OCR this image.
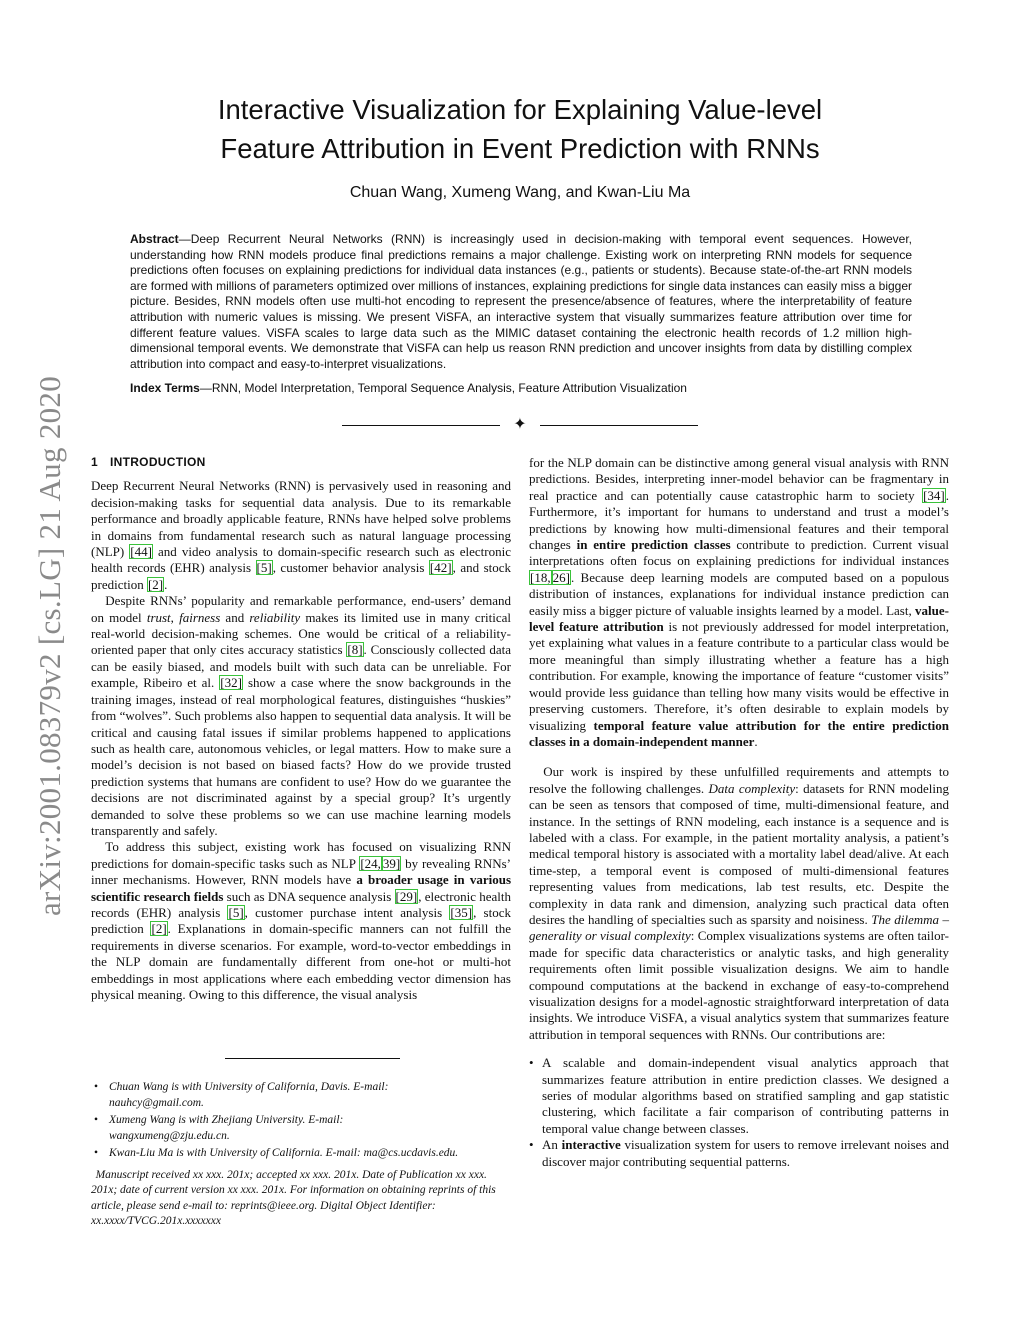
arXiv:2001.08379v2 [cs.LG] 21 Aug 2020
Interactive Visualization for Explaining Value-level
Feature Attribution in Event Prediction with RNNs
Chuan Wang, Xumeng Wang, and Kwan-Liu Ma

Abstract—Deep Recurrent Neural Networks (RNN) is increasingly used in decision-making with temporal event sequences. However, understanding how RNN models produce final predictions remains a major challenge. Existing work on interpreting RNN models for sequence predictions often focuses on explaining predictions for individual data instances (e.g., patients or students). Because state-of-the-art RNN models are formed with millions of parameters optimized over millions of instances, explaining predictions for single data instances can easily miss a bigger picture. Besides, RNN models often use multi-hot encoding to represent the presence/absence of features, where the interpretability of feature attribution with numeric values is missing. We present ViSFA, an interactive system that visually summarizes feature attribution over time for different feature values. ViSFA scales to large data such as the MIMIC dataset containing the electronic health records of 1.2 million high-dimensional temporal events. We demonstrate that ViSFA can help us reason RNN prediction and uncover insights from data by distilling complex attribution into compact and easy-to-interpret visualizations.

Index Terms—RNN, Model Interpretation, Temporal Sequence Analysis, Feature Attribution Visualization
✦
1 INTRODUCTION

Deep Recurrent Neural Networks (RNN) is pervasively used in reasoning and decision-making tasks for sequential data analysis. Due to its remarkable performance and broadly applicable feature, RNNs have helped solve problems in domains from fundamental research such as natural language processing (NLP) [44] and video analysis to domain-specific research such as electronic health records (EHR) analysis [5], customer behavior analysis [42], and stock prediction [2].

Despite RNNs’ popularity and remarkable performance, end-users’ demand on model trust, fairness and reliability makes its limited use in many critical real-world decision-making schemes. One would be critical of a reliability-oriented paper that only cites accuracy statistics [8]. Consciously collected data can be easily biased, and models built with such data can be unreliable. For example, Ribeiro et al. [32] show a case where the snow backgrounds in the training images, instead of real morphological features, distinguishes “huskies” from “wolves”. Such problems also happen to sequential data analysis. It will be critical and causing fatal issues if similar problems happened to applications such as health care, autonomous vehicles, or legal matters. How to make sure a model’s decision is not based on biased facts? How do we provide trusted prediction systems that humans are confident to use? How do we guarantee the decisions are not discriminated against by a special group? It’s urgently demanded to solve these problems so we can use machine learning models transparently and safely.

To address this subject, existing work has focused on visualizing RNN predictions for domain-specific tasks such as NLP [24, 39] by revealing RNNs’ inner mechanisms. However, RNN models have a broader usage in various scientific research fields such as DNA sequence analysis [29], electronic health records (EHR) analysis [5], customer purchase intent analysis [35], stock prediction [2]. Explanations in domain-specific manners can not fulfill the requirements in diverse scenarios. For example, word-to-vector embeddings in the NLP domain are fundamentally different from one-hot or multi-hot embeddings in most applications where each embedding vector dimension has physical meaning. Owing to this difference, the visual analysis

• Chuan Wang is with University of California, Davis. E-mail:
nauhcy@gmail.com.
• Xumeng Wang is with Zhejiang University. E-mail:
wangxumeng@zju.edu.cn.
• Kwan-Liu Ma is with University of California. E-mail: ma@cs.ucdavis.edu.

Manuscript received xx xxx. 201x; accepted xx xxx. 201x. Date of Publication xx xxx. 201x; date of current version xx xxx. 201x. For information on obtaining reprints of this article, please send e-mail to: reprints@ieee.org. Digital Object Identifier: xx.xxxx/TVCG.201x.xxxxxxx

for the NLP domain can be distinctive among general visual analysis with RNN predictions. Besides, interpreting inner-model behavior can be fragmentary in real practice and can potentially cause catastrophic harm to society [34]. Furthermore, it’s important for humans to understand and trust a model’s predictions by knowing how multi-dimensional features and their temporal changes in entire prediction classes contribute to prediction. Current visual interpretations often focus on explaining predictions for individual instances [18, 26]. Because deep learning models are computed based on a populous distribution of instances, explanations for individual instance prediction can easily miss a bigger picture of valuable insights learned by a model. Last, value-level feature attribution is not previously addressed for model interpretation, yet explaining what values in a feature contribute to a particular class would be more meaningful than simply illustrating whether a feature has a high contribution. For example, knowing the importance of feature “customer visits” would provide less guidance than telling how many visits would be effective in preserving customers. Therefore, it’s often desirable to explain models by visualizing temporal feature value attribution for the entire prediction classes in a domain-independent manner.

Our work is inspired by these unfulfilled requirements and attempts to resolve the following challenges. Data complexity: datasets for RNN modeling can be seen as tensors that composed of time, multi-dimensional feature, and instance. In the settings of RNN modeling, each instance is a sequence and is labeled with a class. For example, in the patient mortality analysis, a patient’s medical temporal history is associated with a mortality label dead/alive. At each time-step, a temporal event is composed of multi-dimensional features representing values from medications, lab test results, etc. Despite the complexity in data rank and dimension, analyzing such practical data often desires the handling of specialties such as sparsity and noisiness. The dilemma – generality or visual complexity: Complex visualizations systems are often tailor-made for specific data characteristics or analytic tasks, and high generality requirements often limit possible visualization designs. We aim to handle compound computations at the backend in exchange of easy-to-comprehend visualization designs for a model-agnostic straightforward interpretation of data insights. We introduce ViSFA, a visual analytics system that summarizes feature attribution in temporal sequences with RNNs. Our contributions are:

• A scalable and domain-independent visual analytics approach that summarizes feature attribution in entire prediction classes. We designed a series of modular algorithms based on stratified sampling and gap statistic clustering, which facilitate a fair comparison of contributing patterns in temporal value change between classes.
• An interactive visualization system for users to remove irrelevant noises and discover major contributing sequential patterns.
